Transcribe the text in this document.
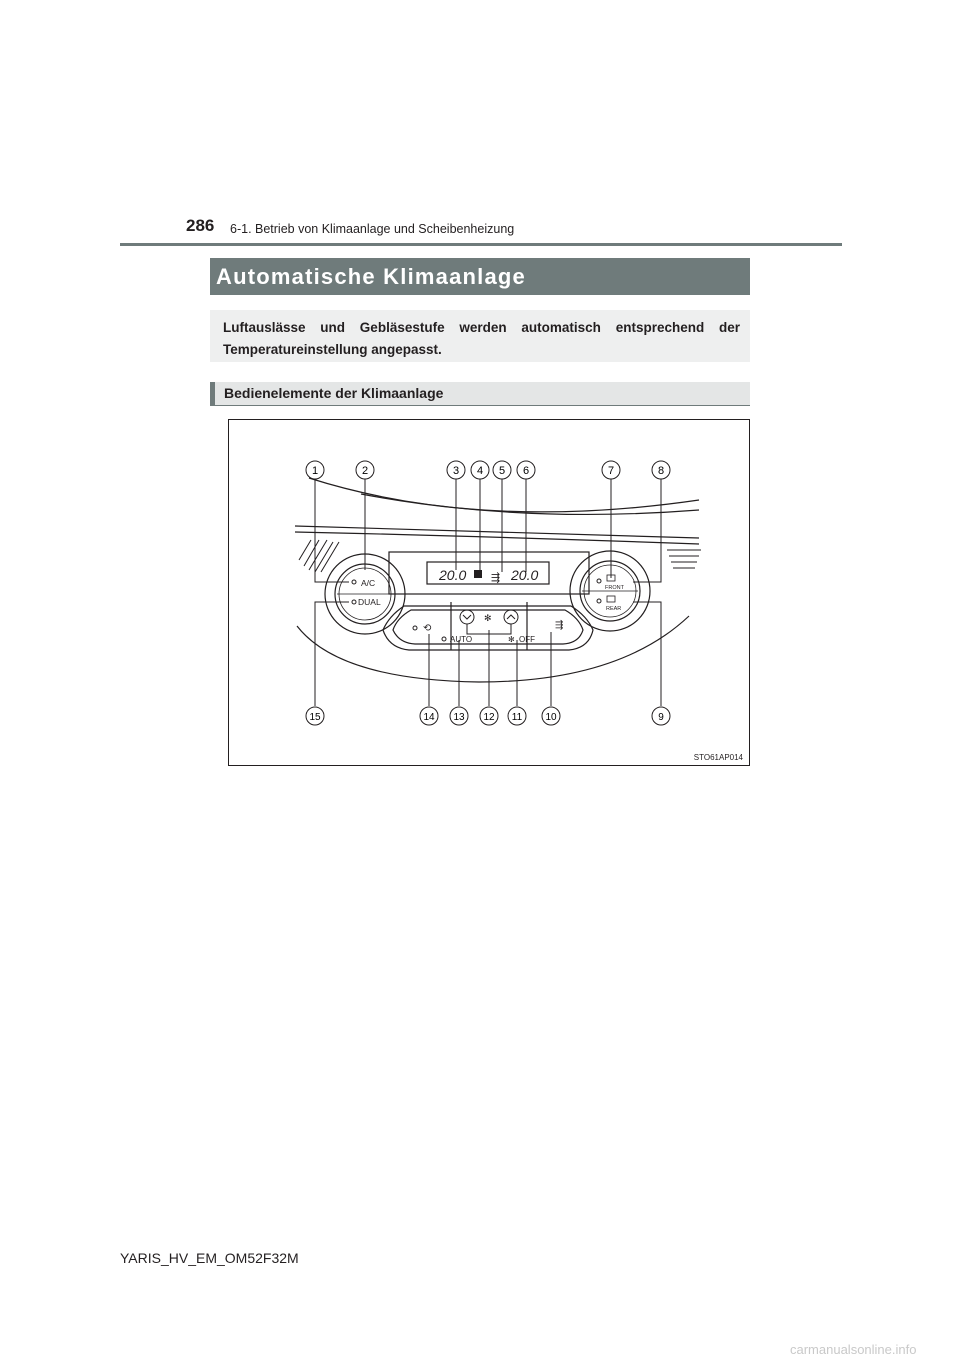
286 6-1. Betrieb von Klimaanlage und Scheibenheizung
Automatische Klimaanlage
Luftauslässe und Gebläsestufe werden automatisch entsprechend der Temperatureinstellung angepasst.
Bedienelemente der Klimaanlage
20.0	20.0
⇶
A/C
DUAL
FRONT
REAR
✻
⟲	⇶
AUTO	✻ OFF
1	2	3 4 5 6	7	8
15	14 13 12 11 10	9
STO61AP014
YARIS_HV_EM_OM52F32M
carmanualsonline.info
